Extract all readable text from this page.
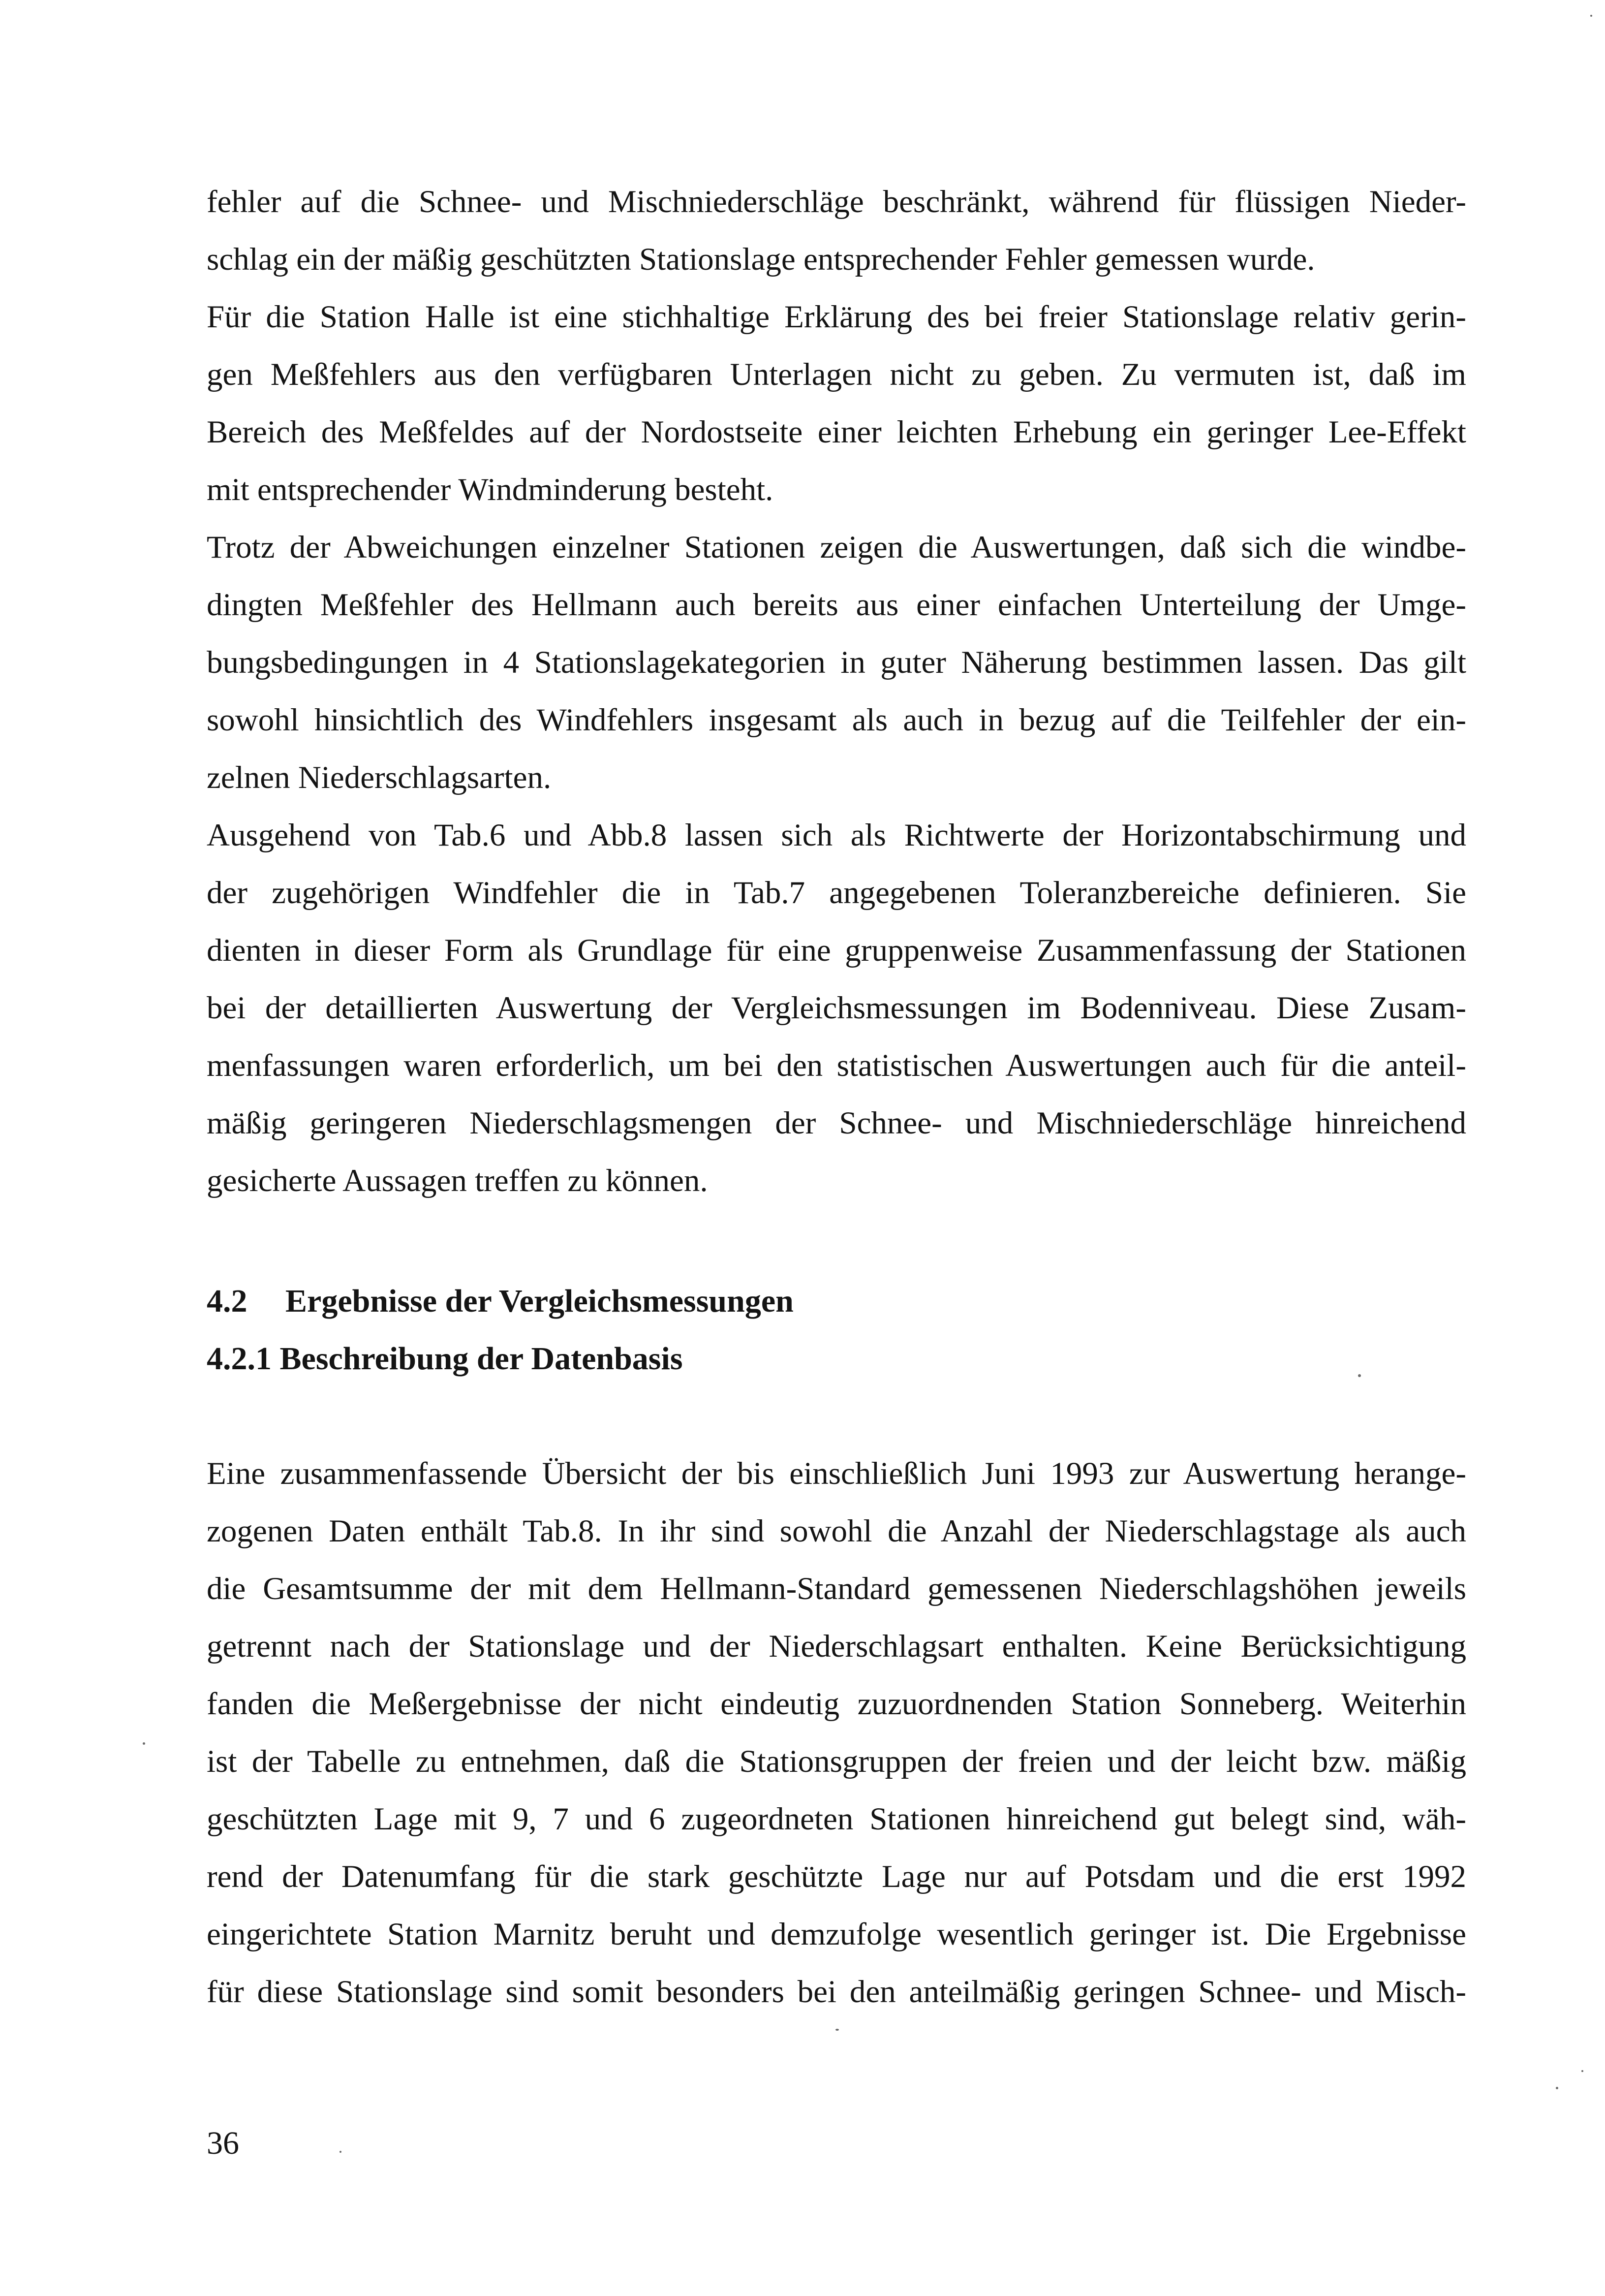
fehler auf die Schnee- und Mischniederschläge beschränkt, während für flüssigen Nieder-

schlag ein der mäßig geschützten Stationslage entsprechender Fehler gemessen wurde.

Für die Station Halle ist eine stichhaltige Erklärung des bei freier Stationslage relativ gerin-

gen Meßfehlers aus den verfügbaren Unterlagen nicht zu geben. Zu vermuten ist, daß im

Bereich des Meßfeldes auf der Nordostseite einer leichten Erhebung ein geringer Lee-Effekt

mit entsprechender Windminderung besteht.

Trotz der Abweichungen einzelner Stationen zeigen die Auswertungen, daß sich die windbe-

dingten Meßfehler des Hellmann auch bereits aus einer einfachen Unterteilung der Umge-

bungsbedingungen in 4 Stationslagekategorien in guter Näherung bestimmen lassen. Das gilt

sowohl hinsichtlich des Windfehlers insgesamt als auch in bezug auf die Teilfehler der ein-

zelnen Niederschlagsarten.

Ausgehend von Tab.6 und Abb.8 lassen sich als Richtwerte der Horizontabschirmung und

der zugehörigen Windfehler die in Tab.7 angegebenen Toleranzbereiche definieren. Sie

dienten in dieser Form als Grundlage für eine gruppenweise Zusammenfassung der Stationen

bei der detaillierten Auswertung der Vergleichsmessungen im Bodenniveau. Diese Zusam-

menfassungen waren erforderlich, um bei den statistischen Auswertungen auch für die anteil-

mäßig geringeren Niederschlagsmengen der Schnee- und Mischniederschläge hinreichend

gesicherte Aussagen treffen zu können.

4.2 Ergebnisse der Vergleichsmessungen
4.2.1 Beschreibung der Datenbasis

Eine zusammenfassende Übersicht der bis einschließlich Juni 1993 zur Auswertung herange-

zogenen Daten enthält Tab.8. In ihr sind sowohl die Anzahl der Niederschlagstage als auch

die Gesamtsumme der mit dem Hellmann-Standard gemessenen Niederschlagshöhen jeweils

getrennt nach der Stationslage und der Niederschlagsart enthalten. Keine Berücksichtigung

fanden die Meßergebnisse der nicht eindeutig zuzuordnenden Station Sonneberg. Weiterhin

ist der Tabelle zu entnehmen, daß die Stationsgruppen der freien und der leicht bzw. mäßig

geschützten Lage mit 9, 7 und 6 zugeordneten Stationen hinreichend gut belegt sind, wäh-

rend der Datenumfang für die stark geschützte Lage nur auf Potsdam und die erst 1992

eingerichtete Station Marnitz beruht und demzufolge wesentlich geringer ist. Die Ergebnisse

für diese Stationslage sind somit besonders bei den anteilmäßig geringen Schnee- und Misch-

36
